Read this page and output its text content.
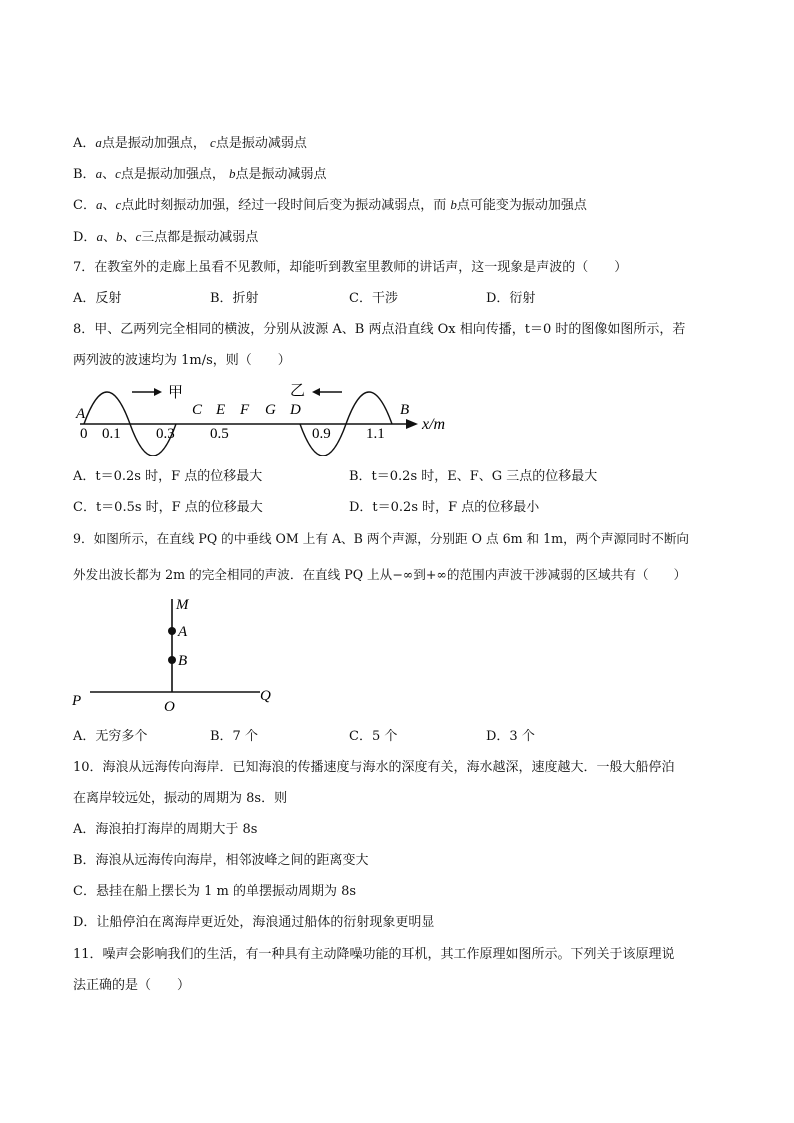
A．a点是振动加强点， c点是振动减弱点
B．a、c点是振动加强点， b点是振动减弱点
C．a、c点此时刻振动加强，经过一段时间后变为振动减弱点，而 b点可能变为振动加强点
D．a、b、c三点都是振动减弱点
7．在教室外的走廊上虽看不见教师，却能听到教室里教师的讲话声，这一现象是声波的（　　）
A．反射	B．折射	C．干涉	D．衍射
8．甲、乙两列完全相同的横波，分别从波源 A、B 两点沿直线 Ox 相向传播，t＝0 时的图像如图所示，若
两列波的波速均为 1m/s，则（　　）
甲	乙
A	C E F G D	B
0 0.1 0.3 0.5	0.9 1.1
x/m
A．t＝0.2s 时，F 点的位移最大	B．t＝0.2s 时，E、F、G 三点的位移最大
C．t＝0.5s 时，F 点的位移最大	D．t＝0.2s 时，F 点的位移最小
9．如图所示，在直线 PQ 的中垂线 OM 上有 A、B 两个声源，分别距 O 点 6m 和 1m，两个声源同时不断向
外发出波长都为 2m 的完全相同的声波．在直线 PQ 上从−∞到+∞的范围内声波干涉减弱的区域共有（　　）
M
A
B
P	O
Q
A．无穷多个	B．7 个	C．5 个	D．3 个
10．海浪从远海传向海岸．已知海浪的传播速度与海水的深度有关，海水越深，速度越大．一般大船停泊
在离岸较远处，振动的周期为 8s．则
A．海浪拍打海岸的周期大于 8s
B．海浪从远海传向海岸，相邻波峰之间的距离变大
C．悬挂在船上摆长为 1 m 的单摆振动周期为 8s
D．让船停泊在离海岸更近处，海浪通过船体的衍射现象更明显
11．噪声会影响我们的生活，有一种具有主动降噪功能的耳机，其工作原理如图所示。下列关于该原理说
法正确的是（　　）
